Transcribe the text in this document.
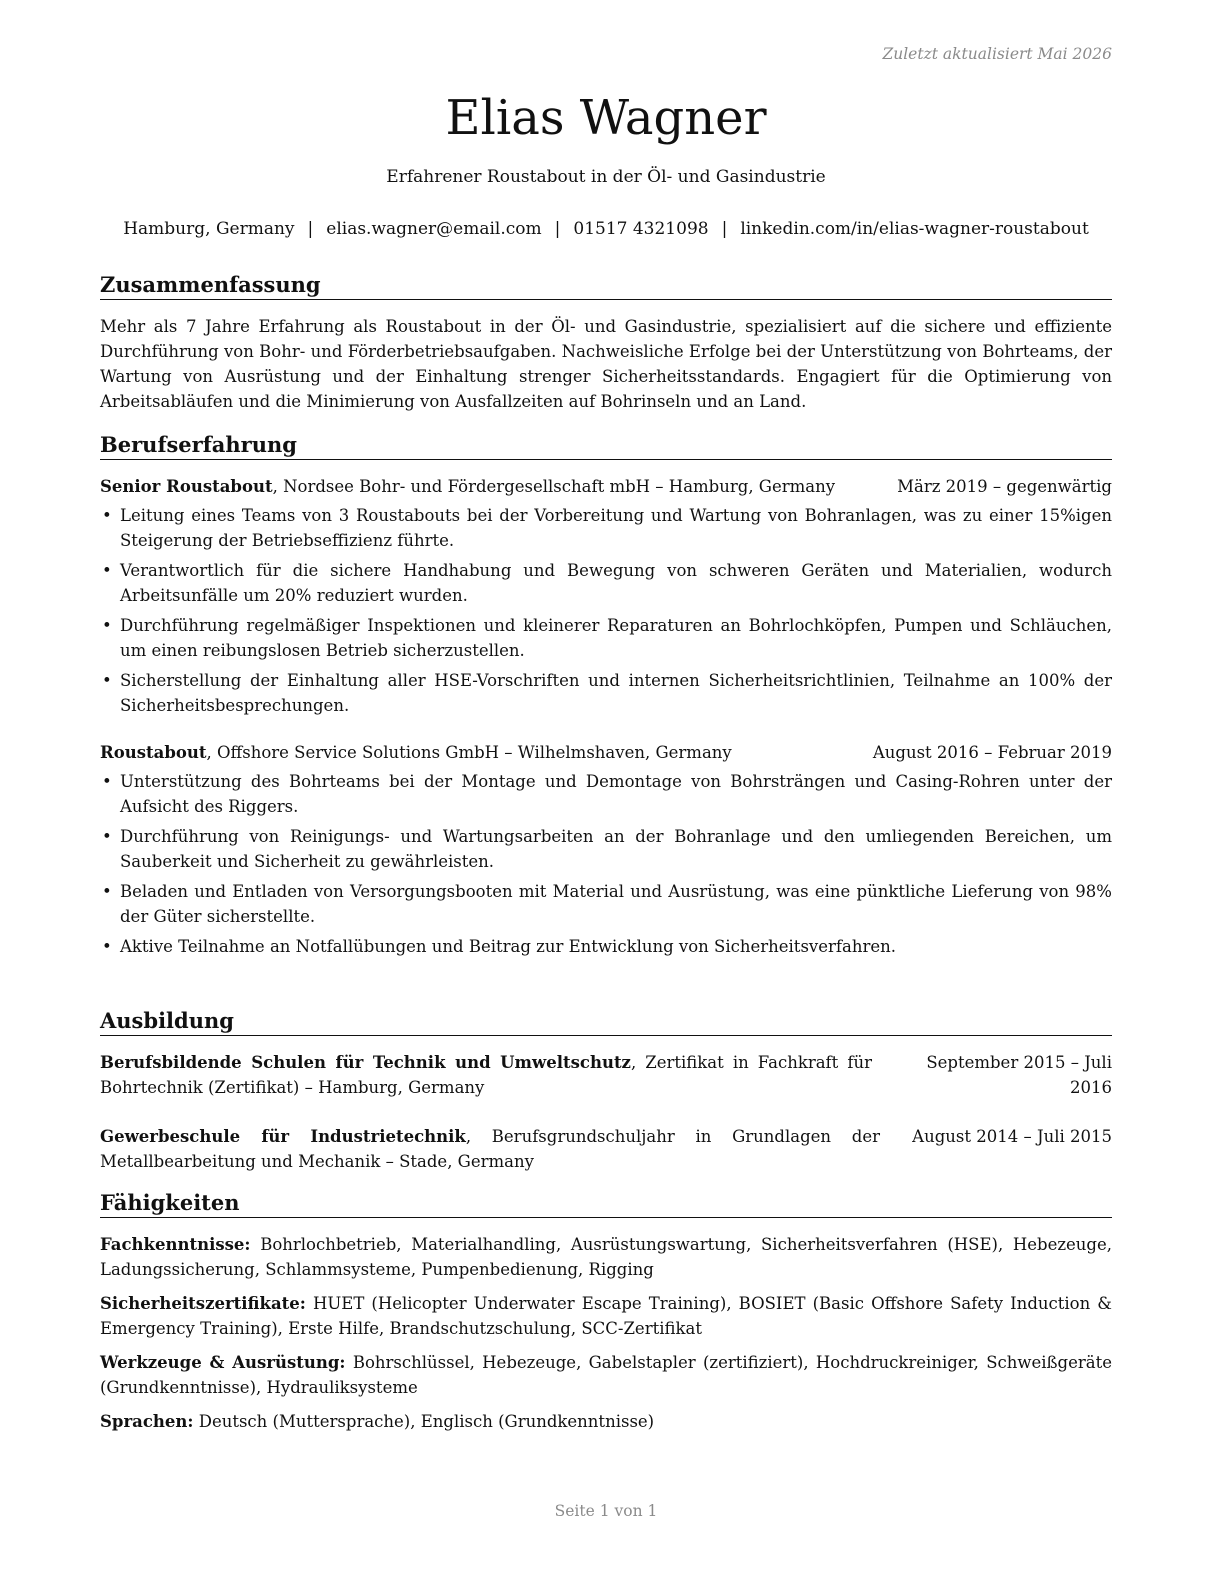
Zuletzt aktualisiert Mai 2026
Elias Wagner
Erfahrener Roustabout in der Öl- und Gasindustrie
Hamburg, Germany | elias.wagner@email.com | 01517 4321098 | linkedin.com/in/elias-wagner-roustabout
Zusammenfassung

Mehr als 7 Jahre Erfahrung als Roustabout in der Öl- und Gasindustrie, spezialisiert auf die sichere und effiziente Durchführung von Bohr- und Förderbetriebsaufgaben. Nachweisliche Erfolge bei der Unterstützung von Bohrteams, der Wartung von Ausrüstung und der Einhaltung strenger Sicherheitsstandards. Engagiert für die Optimierung von Arbeitsabläufen und die Minimierung von Ausfallzeiten auf Bohrinseln und an Land.

Berufserfahrung
Senior Roustabout, Nordsee Bohr- und Fördergesellschaft mbH – Hamburg, Germany	März 2019 – gegenwärtig
• Leitung eines Teams von 3 Roustabouts bei der Vorbereitung und Wartung von Bohranlagen, was zu einer 15%igen Steigerung der Betriebseffizienz führte.
• Verantwortlich für die sichere Handhabung und Bewegung von schweren Geräten und Materialien, wodurch Arbeitsunfälle um 20% reduziert wurden.
• Durchführung regelmäßiger Inspektionen und kleinerer Reparaturen an Bohrlochköpfen, Pumpen und Schläuchen, um einen reibungslosen Betrieb sicherzustellen.
• Sicherstellung der Einhaltung aller HSE-Vorschriften und internen Sicherheitsrichtlinien, Teilnahme an 100% der Sicherheitsbesprechungen.
Roustabout, Offshore Service Solutions GmbH – Wilhelmshaven, Germany	August 2016 – Februar 2019
• Unterstützung des Bohrteams bei der Montage und Demontage von Bohrsträngen und Casing-Rohren unter der Aufsicht des Riggers.
• Durchführung von Reinigungs- und Wartungsarbeiten an der Bohranlage und den umliegenden Bereichen, um Sauberkeit und Sicherheit zu gewährleisten.
• Beladen und Entladen von Versorgungsbooten mit Material und Ausrüstung, was eine pünktliche Lieferung von 98% der Güter sicherstellte.
• Aktive Teilnahme an Notfallübungen und Beitrag zur Entwicklung von Sicherheitsverfahren.
Ausbildung
Berufsbildende Schulen für Technik und Umweltschutz, Zertifikat in Fachkraft für Bohrtechnik (Zertifikat) – Hamburg, Germany
September 2015 – Juli 2016
Gewerbeschule für Industrietechnik, Berufsgrundschuljahr in Grundlagen der Metallbearbeitung und Mechanik – Stade, Germany
August 2014 – Juli 2015
Fähigkeiten

Fachkenntnisse: Bohrlochbetrieb, Materialhandling, Ausrüstungswartung, Sicherheitsverfahren (HSE), Hebezeuge, Ladungssicherung, Schlammsysteme, Pumpenbedienung, Rigging

Sicherheitszertifikate: HUET (Helicopter Underwater Escape Training), BOSIET (Basic Offshore Safety Induction & Emergency Training), Erste Hilfe, Brandschutzschulung, SCC-Zertifikat

Werkzeuge & Ausrüstung: Bohrschlüssel, Hebezeuge, Gabelstapler (zertifiziert), Hochdruckreiniger, Schweißgeräte (Grundkenntnisse), Hydrauliksysteme

Sprachen: Deutsch (Muttersprache), Englisch (Grundkenntnisse)

Seite 1 von 1
